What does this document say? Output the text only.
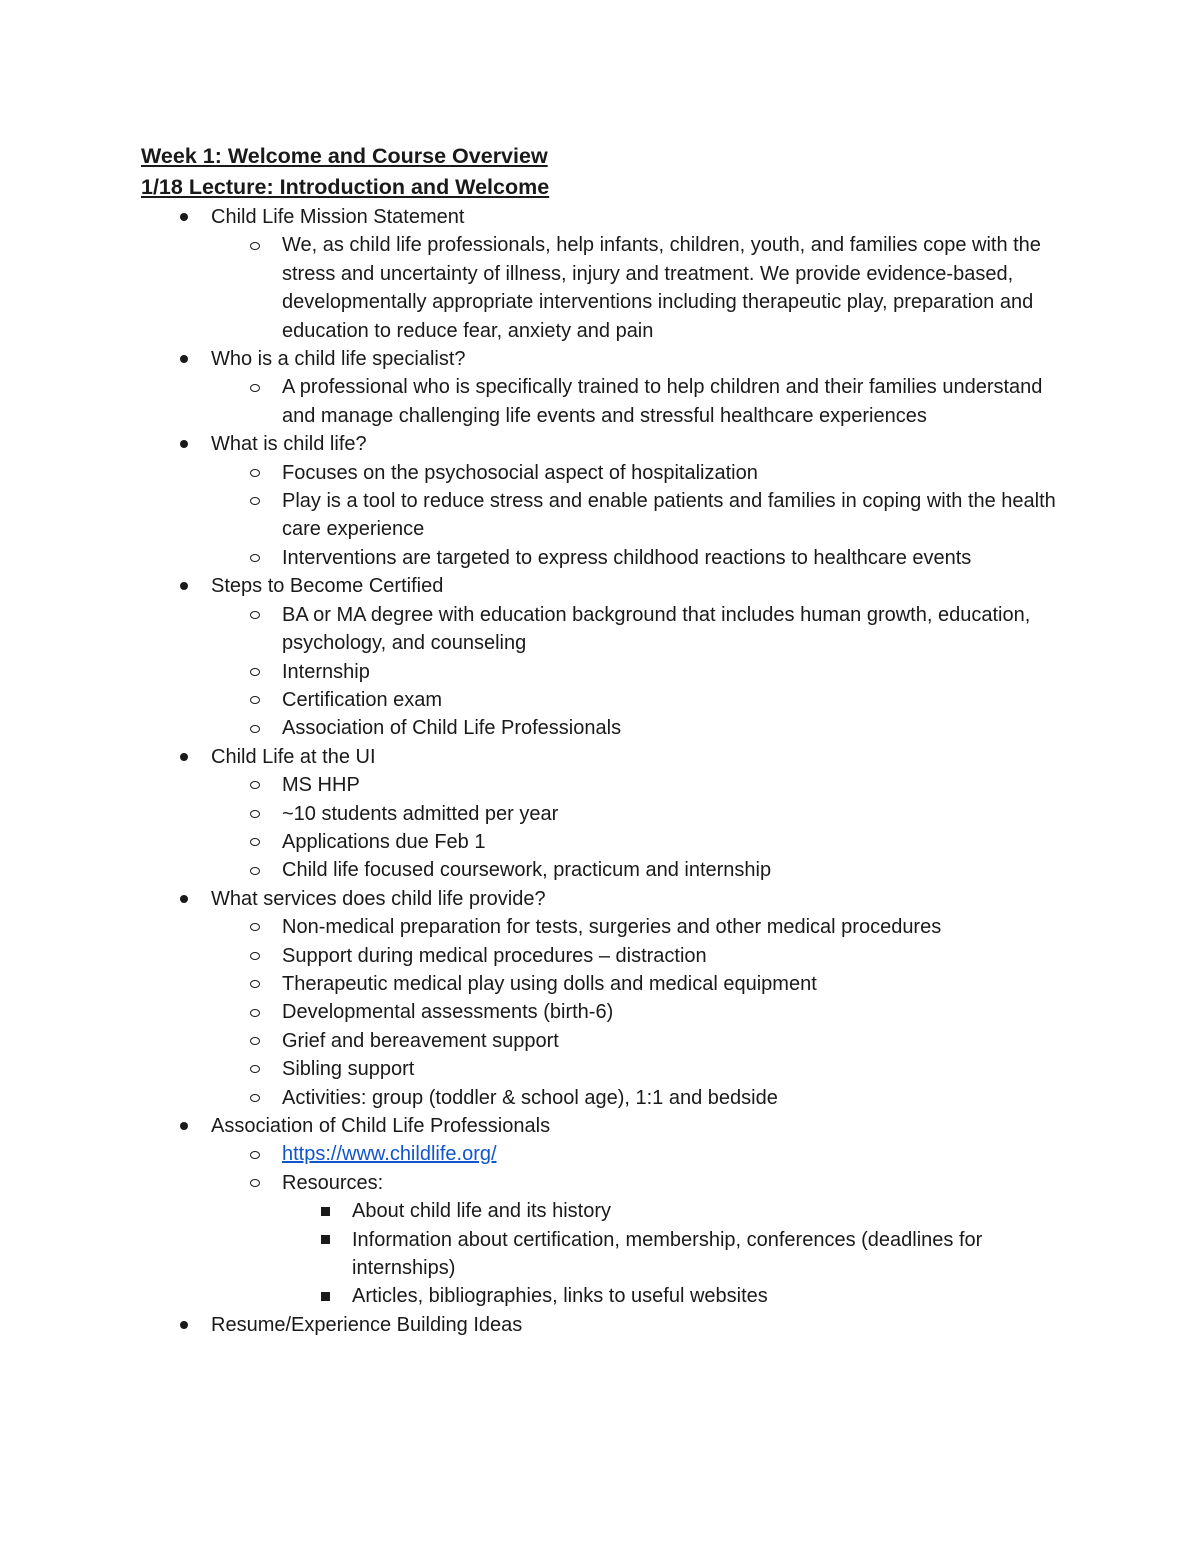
Week 1: Welcome and Course Overview
1/18 Lecture: Introduction and Welcome
Child Life Mission Statement
We, as child life professionals, help infants, children, youth, and families cope with the stress and uncertainty of illness, injury and treatment. We provide evidence-based, developmentally appropriate interventions including therapeutic play, preparation and education to reduce fear, anxiety and pain
Who is a child life specialist?
A professional who is specifically trained to help children and their families understand and manage challenging life events and stressful healthcare experiences
What is child life?
Focuses on the psychosocial aspect of hospitalization
Play is a tool to reduce stress and enable patients and families in coping with the health care experience
Interventions are targeted to express childhood reactions to healthcare events
Steps to Become Certified
BA or MA degree with education background that includes human growth, education, psychology, and counseling
Internship
Certification exam
Association of Child Life Professionals
Child Life at the UI
MS HHP
~10 students admitted per year
Applications due Feb 1
Child life focused coursework, practicum and internship
What services does child life provide?
Non-medical preparation for tests, surgeries and other medical procedures
Support during medical procedures – distraction
Therapeutic medical play using dolls and medical equipment
Developmental assessments (birth-6)
Grief and bereavement support
Sibling support
Activities: group (toddler & school age), 1:1 and bedside
Association of Child Life Professionals
https://www.childlife.org/
Resources:
About child life and its history
Information about certification, membership, conferences (deadlines for internships)
Articles, bibliographies, links to useful websites
Resume/Experience Building Ideas
